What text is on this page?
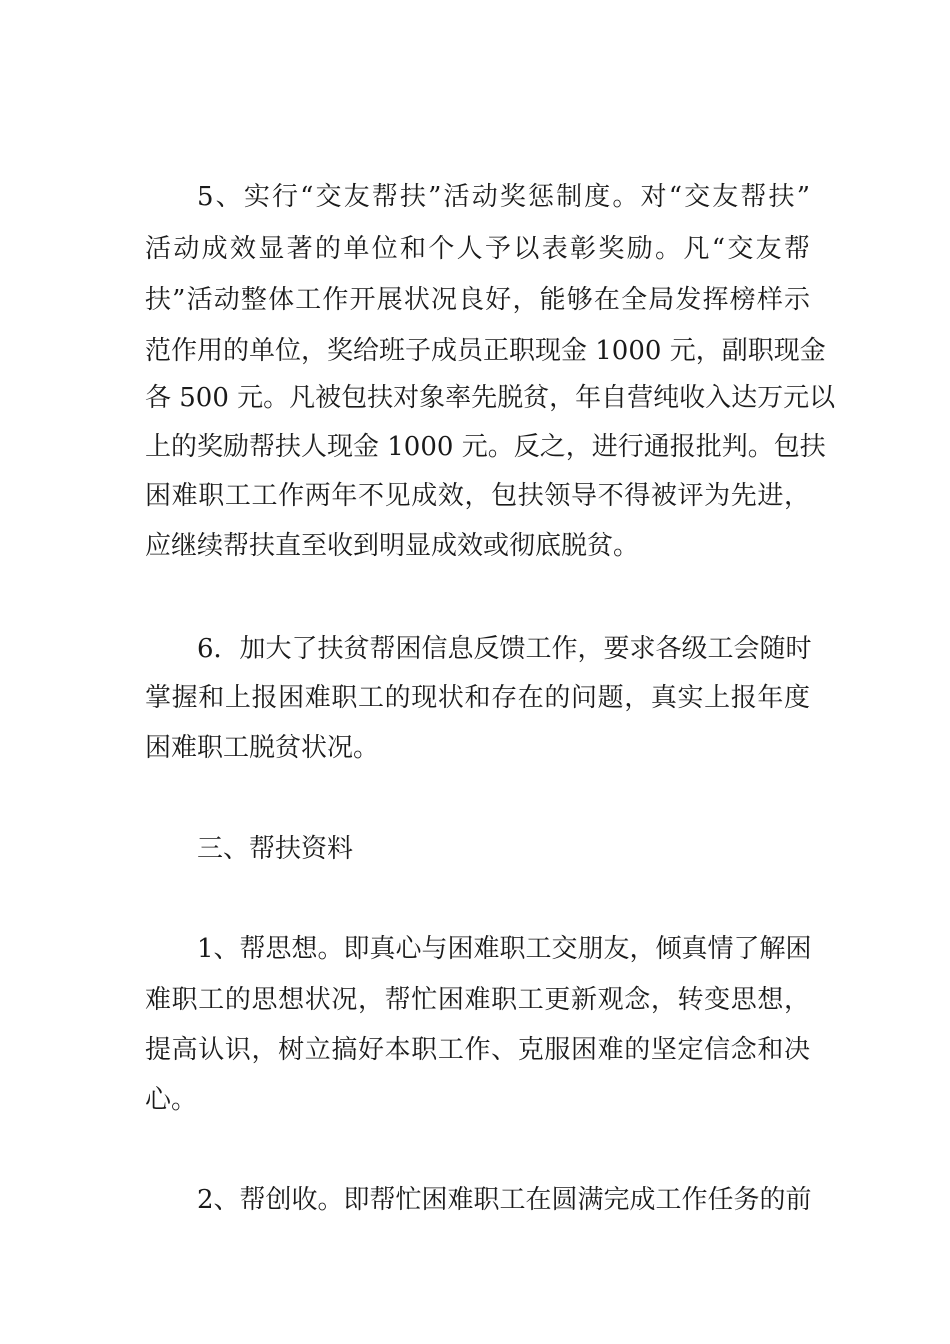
5、实行“交友帮扶”活动奖惩制度。对“交友帮扶”
活动成效显著的单位和个人予以表彰奖励。凡“交友帮
扶”活动整体工作开展状况良好，能够在全局发挥榜样示
范作用的单位，奖给班子成员正职现金 1000 元，副职现金
各 500 元。凡被包扶对象率先脱贫，年自营纯收入达万元以
上的奖励帮扶人现金 1000 元。反之，进行通报批判。包扶
困难职工工作两年不见成效，包扶领导不得被评为先进，
应继续帮扶直至收到明显成效或彻底脱贫。
6．加大了扶贫帮困信息反馈工作，要求各级工会随时
掌握和上报困难职工的现状和存在的问题，真实上报年度
困难职工脱贫状况。
三、帮扶资料
1、帮思想。即真心与困难职工交朋友，倾真情了解困
难职工的思想状况，帮忙困难职工更新观念，转变思想，
提高认识，树立搞好本职工作、克服困难的坚定信念和决
心。
2、帮创收。即帮忙困难职工在圆满完成工作任务的前
